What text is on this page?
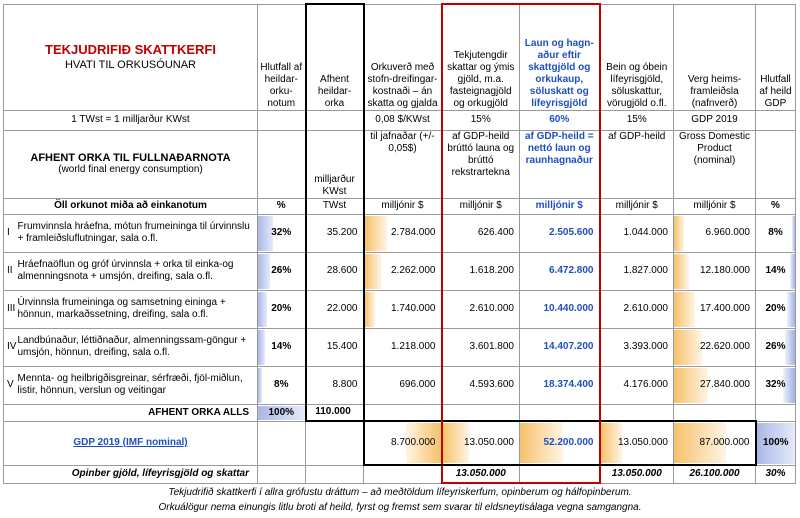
TEKJUDRIFIÐ SKATTKERFI
HVATI TIL ORKUSÓUNAR		Hlutfall af heildar-orku-notum	Afhent heildar-orka	Orkuverð með stofn-dreifingar-kostnaði – án skatta og gjalda	Tekjutengdir skattar og ýmis gjöld, m.a. fasteignagjöld og orkugjöld	Laun og hagn-aður eftir skattgjöld og orkukaup, söluskatt og lífeyrisgjöld	Bein og óbein lífeyrisgjöld, söluskattur, vörugjöld o.fl.	Verg heims-framleiðsla (nafnverð)	Hlutfall af heild GDP
1 TWst = 1 milljarður KWst				0,08 $/KWst	15%	60%	15%	GDP 2019	

AFHENT ORKA TIL FULLNAÐARNOTA
(world final energy consumption)			milljarður KWst	til jafnaðar (+/- 0,05$)	af GDP-heild brúttó launa og brúttó rekstrartekna	af GDP-heild = nettó laun og raunhagnaður	af GDP-heild	Gross Domestic Product (nominal)	
Öll orkunot miða að einkanotum		%	TWst	milljónir $	milljónir $	milljónir $	milljónir $	milljónir $	%
I	Frumvinnsla hráefna, mótun frumeininga til úrvinnslu + framleiðsluflutningar, sala o.fl.	32%	35.200	2.784.000	626.400	2.505.600	1.044.000	6.960.000	8%
II	Hráefnaöflun og gróf úrvinnsla + orka til einka-og almenningsnota + umsjón, dreifing, sala o.fl.	26%	28.600	2.262.000	1.618.200	6.472.800	1.827.000	12.180.000	14%
III	Úrvinnsla frumeininga og samsetning eininga + hönnun, markaðssetning, dreifing, sala o.fl.	20%	22.000	1.740.000	2.610.000	10.440.000	2.610.000	17.400.000	20%
IV	Landbúnaður, léttiðnaður, almenningssam-göngur + umsjón, hönnun, dreifing, sala o.fl.	14%	15.400	1.218.000	3.601.800	14.407.200	3.393.000	22.620.000	26%
V	Mennta- og heilbrigðisgreinar, sérfræði, fjöl-miðlun, listir, hönnun, verslun og veitingar	8%	8.800	696.000	4.593.600	18.374.400	4.176.000	27.840.000	32%
AFHENT ORKA ALLS		100%	110.000						
GDP 2019 (IMF nominal)				8.700.000	13.050.000	52.200.000	13.050.000	87.000.000	100%
Opinber gjöld, lífeyrisgjöld og skattar					13.050.000		13.050.000	26.100.000	30%
Tekjudrifið skattkerfi í allra grófustu dráttum – að meðtöldum lífeyriskerfum, opinberum og hálfopinberum.
Orkuálögur nema einungis litlu broti af heild, fyrst og fremst sem svarar til eldsneytisálaga vegna samgangna.
